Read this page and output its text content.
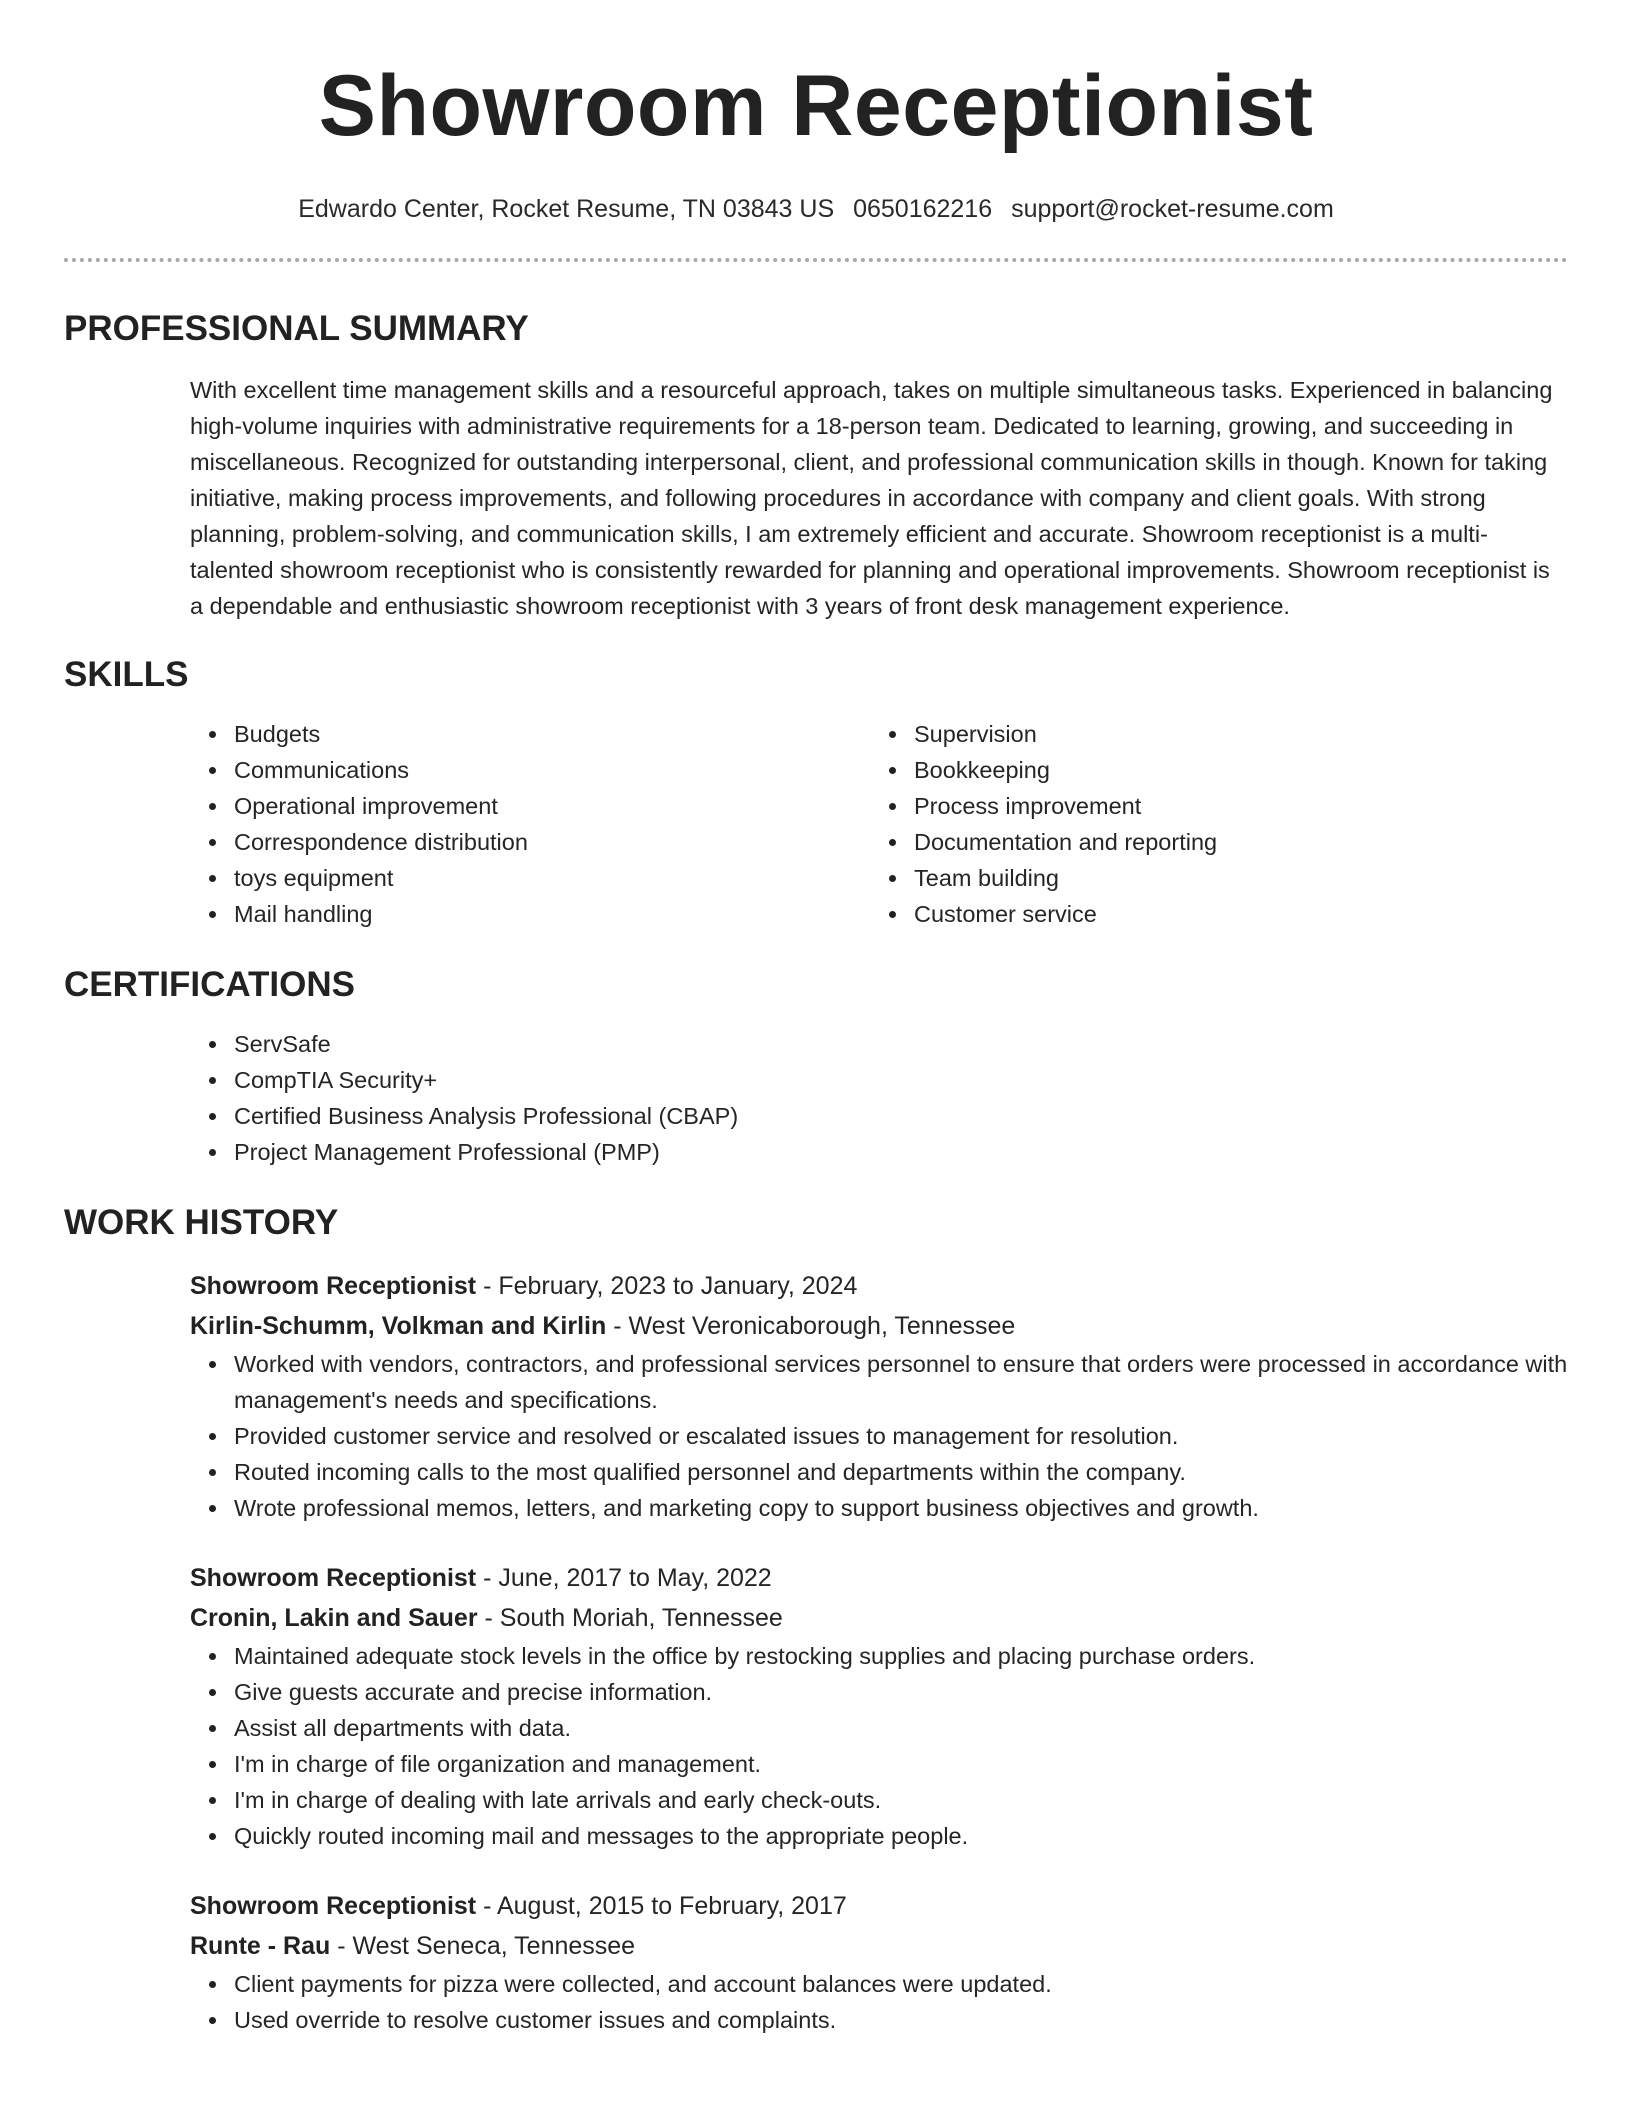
Showroom Receptionist
Edwardo Center, Rocket Resume, TN 03843 US 0650162216 support@rocket-resume.com
PROFESSIONAL SUMMARY

With excellent time management skills and a resourceful approach, takes on multiple simultaneous tasks. Experienced in balancing high-volume inquiries with administrative requirements for a 18-person team. Dedicated to learning, growing, and succeeding in miscellaneous. Recognized for outstanding interpersonal, client, and professional communication skills in though. Known for taking initiative, making process improvements, and following procedures in accordance with company and client goals. With strong planning, problem-solving, and communication skills, I am extremely efficient and accurate. Showroom receptionist is a multi-talented showroom receptionist who is consistently rewarded for planning and operational improvements. Showroom receptionist is a dependable and enthusiastic showroom receptionist with 3 years of front desk management experience.

SKILLS
Budgets
Communications
Operational improvement
Correspondence distribution
toys equipment
Mail handling
Supervision
Bookkeeping
Process improvement
Documentation and reporting
Team building
Customer service
CERTIFICATIONS
ServSafe
CompTIA Security+
Certified Business Analysis Professional (CBAP)
Project Management Professional (PMP)
WORK HISTORY
Showroom Receptionist - February, 2023 to January, 2024
Kirlin-Schumm, Volkman and Kirlin - West Veronicaborough, Tennessee
Worked with vendors, contractors, and professional services personnel to ensure that orders were processed in accordance with management's needs and specifications.
Provided customer service and resolved or escalated issues to management for resolution.
Routed incoming calls to the most qualified personnel and departments within the company.
Wrote professional memos, letters, and marketing copy to support business objectives and growth.
Showroom Receptionist - June, 2017 to May, 2022
Cronin, Lakin and Sauer - South Moriah, Tennessee
Maintained adequate stock levels in the office by restocking supplies and placing purchase orders.
Give guests accurate and precise information.
Assist all departments with data.
I'm in charge of file organization and management.
I'm in charge of dealing with late arrivals and early check-outs.
Quickly routed incoming mail and messages to the appropriate people.
Showroom Receptionist - August, 2015 to February, 2017
Runte - Rau - West Seneca, Tennessee
Client payments for pizza were collected, and account balances were updated.
Used override to resolve customer issues and complaints.
